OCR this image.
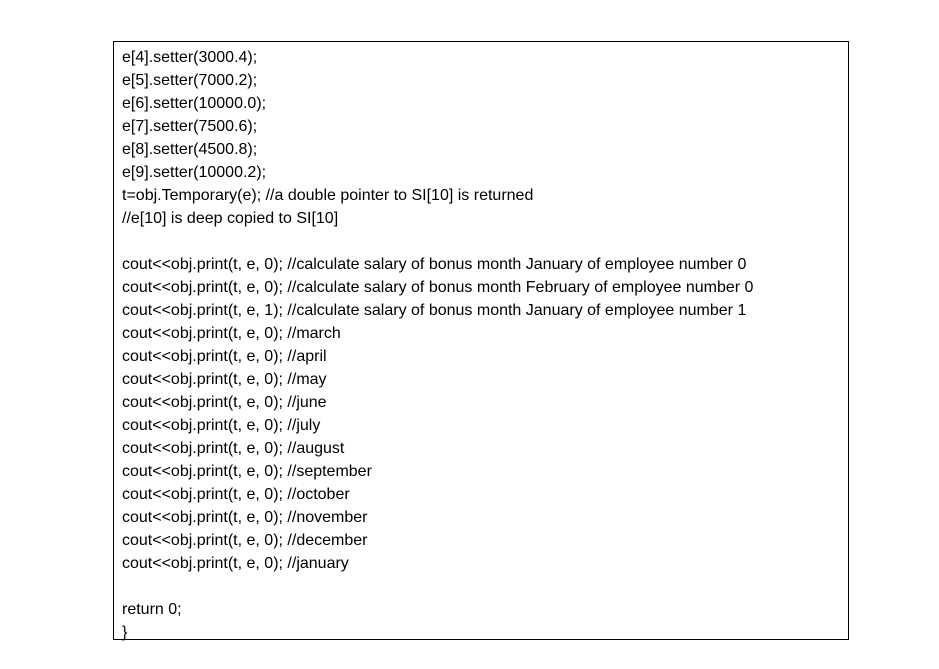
e[4].setter(3000.4);
e[5].setter(7000.2);
e[6].setter(10000.0);
e[7].setter(7500.6);
e[8].setter(4500.8);
e[9].setter(10000.2);
t=obj.Temporary(e); //a double pointer to SI[10] is returned
//e[10] is deep copied to SI[10]
cout<<obj.print(t, e, 0); //calculate salary of bonus month January of employee number 0
cout<<obj.print(t, e, 0); //calculate salary of bonus month February of employee number 0
cout<<obj.print(t, e, 1); //calculate salary of bonus month January of employee number 1
cout<<obj.print(t, e, 0); //march
cout<<obj.print(t, e, 0); //april
cout<<obj.print(t, e, 0); //may
cout<<obj.print(t, e, 0); //june
cout<<obj.print(t, e, 0); //july
cout<<obj.print(t, e, 0); //august
cout<<obj.print(t, e, 0); //september
cout<<obj.print(t, e, 0); //october
cout<<obj.print(t, e, 0); //november
cout<<obj.print(t, e, 0); //december
cout<<obj.print(t, e, 0); //january
return 0;
}
